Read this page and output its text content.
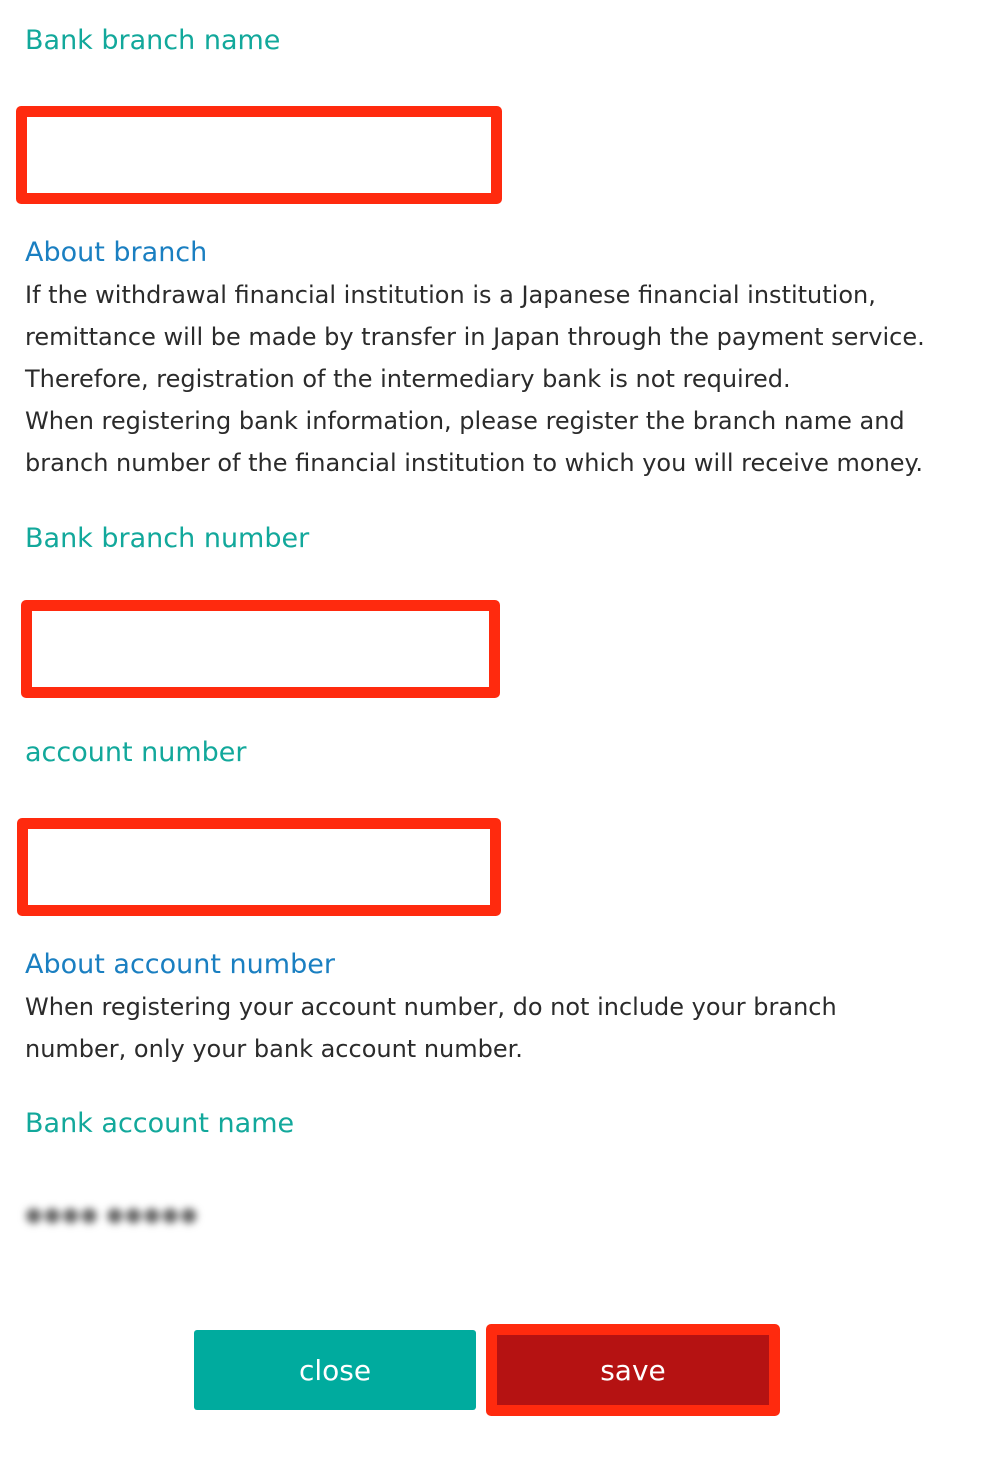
Bank branch name
About branch

If the withdrawal financial institution is a Japanese financial institution,

remittance will be made by transfer in Japan through the payment service.

Therefore, registration of the intermediary bank is not required.

When registering bank information, please register the branch name and

branch number of the financial institution to which you will receive money.

Bank branch number
account number
About account number

When registering your account number, do not include your branch

number, only your bank account number.

Bank account name
●●●● ●●●●●
close	save
